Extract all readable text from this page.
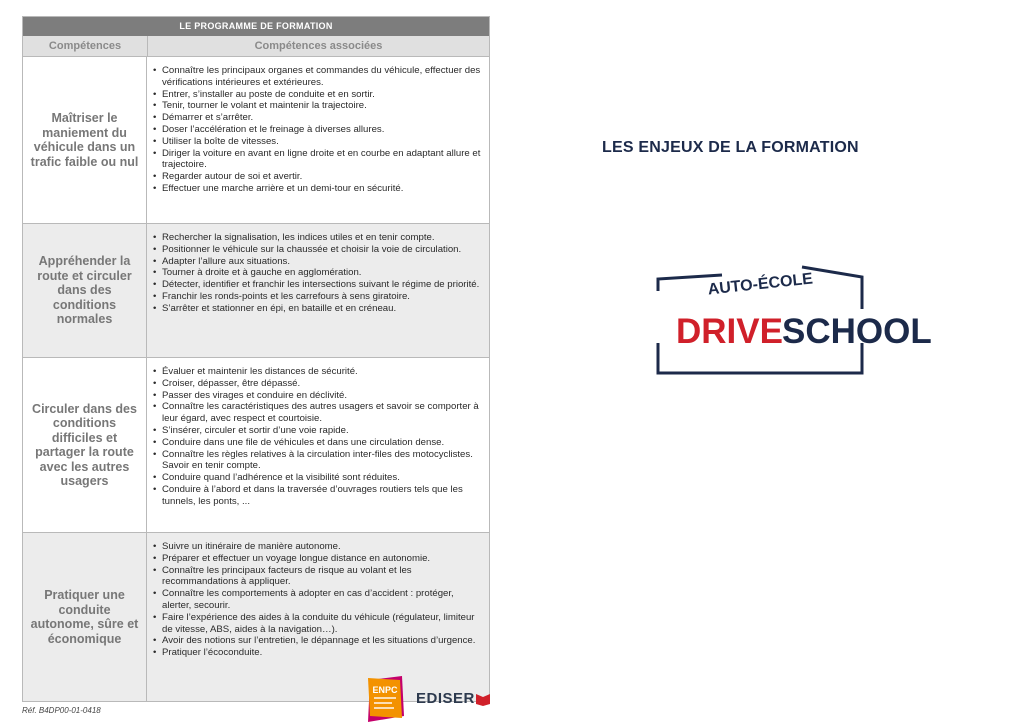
LE PROGRAMME DE FORMATION
Compétences	Compétences associées
Maîtriser le maniement du véhicule dans un trafic faible ou nul
• Connaître les principaux organes et commandes du véhicule, effectuer des vérifications intérieures et extérieures.
• Entrer, s’installer au poste de conduite et en sortir.
• Tenir, tourner le volant et maintenir la trajectoire.
• Démarrer et s’arrêter.
• Doser l’accélération et le freinage à diverses allures.
• Utiliser la boîte de vitesses.
• Diriger la voiture en avant en ligne droite et en courbe en adaptant allure et trajectoire.
• Regarder autour de soi et avertir.
• Effectuer une marche arrière et un demi-tour en sécurité.
Appréhender la route et circuler dans des conditions normales
• Rechercher la signalisation, les indices utiles et en tenir compte.
• Positionner le véhicule sur la chaussée et choisir la voie de circulation.
• Adapter l’allure aux situations.
• Tourner à droite et à gauche en agglomération.
• Détecter, identifier et franchir les intersections suivant le régime de priorité.
• Franchir les ronds-points et les carrefours à sens giratoire.
• S’arrêter et stationner en épi, en bataille et en créneau.
Circuler dans des conditions difficiles et partager la route avec les autres usagers
• Évaluer et maintenir les distances de sécurité.
• Croiser, dépasser, être dépassé.
• Passer des virages et conduire en déclivité.
• Connaître les caractéristiques des autres usagers et savoir se comporter à leur égard, avec respect et courtoisie.
• S’insérer, circuler et sortir d’une voie rapide.
• Conduire dans une file de véhicules et dans une circulation dense.
• Connaître les règles relatives à la circulation inter-files des motocyclistes. Savoir en tenir compte.
• Conduire quand l’adhérence et la visibilité sont réduites.
• Conduire à l’abord et dans la traversée d’ouvrages routiers tels que les tunnels, les ponts, ...
Pratiquer une conduite autonome, sûre et économique
• Suivre un itinéraire de manière autonome.
• Préparer et effectuer un voyage longue distance en autonomie.
• Connaître les principaux facteurs de risque au volant et les recommandations à appliquer.
• Connaître les comportements à adopter en cas d’accident : protéger, alerter, secourir.
• Faire l’expérience des aides à la conduite du véhicule (régulateur, limiteur de vitesse, ABS, aides à la navigation…).
• Avoir des notions sur l’entretien, le dépannage et les situations d’urgence.
• Pratiquer l’écoconduite.
Réf. B4DP00-01-0418
ENPC EDISER
LES ENJEUX DE LA FORMATION
AUTO-ÉCOLE
DRIVE SCHOOL
